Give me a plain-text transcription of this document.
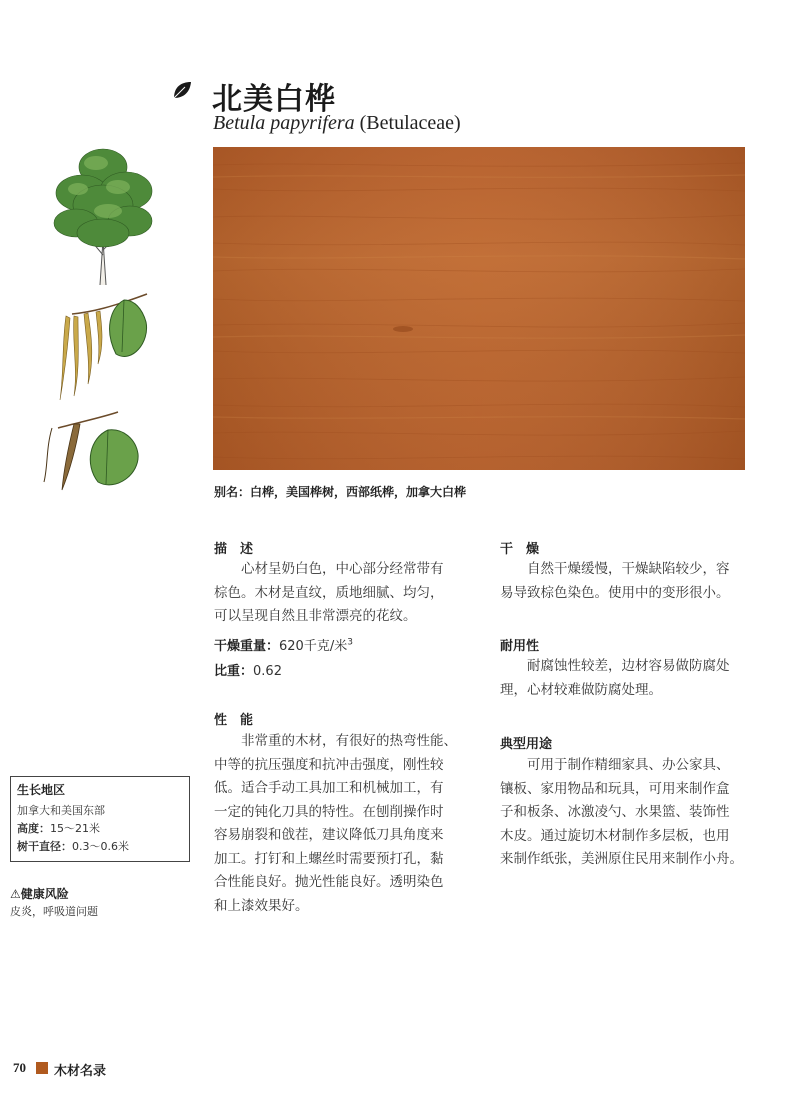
北美白桦
Betula papyrifera (Betulaceae)
别名：白桦，美国桦树，西部纸桦，加拿大白桦
描　述
心材呈奶白色，中心部分经常带有
棕色。木材是直纹，质地细腻、均匀，
可以呈现自然且非常漂亮的花纹。
干燥重量：620千克/米$^3$
比重：0.62
性　能
非常重的木材，有很好的热弯性能、
中等的抗压强度和抗冲击强度，刚性较
低。适合手动工具加工和机械加工，有
一定的钝化刀具的特性。在刨削操作时
容易崩裂和戗茬，建议降低刀具角度来
加工。打钉和上螺丝时需要预打孔，黏
合性能良好。抛光性能良好。透明染色
和上漆效果好。
干　燥
自然干燥缓慢，干燥缺陷较少，容
易导致棕色染色。使用中的变形很小。
耐用性
耐腐蚀性较差，边材容易做防腐处
理，心材较难做防腐处理。
典型用途
可用于制作精细家具、办公家具、
镶板、家用物品和玩具，可用来制作盒
子和板条、冰激凌勺、水果篮、装饰性
木皮。通过旋切木材制作多层板，也用
来制作纸张，美洲原住民用来制作小舟。
生长地区
加拿大和美国东部
高度：15～21米
树干直径：0.3～0.6米
⚠健康风险
皮炎，呼吸道问题
70 木材名录
